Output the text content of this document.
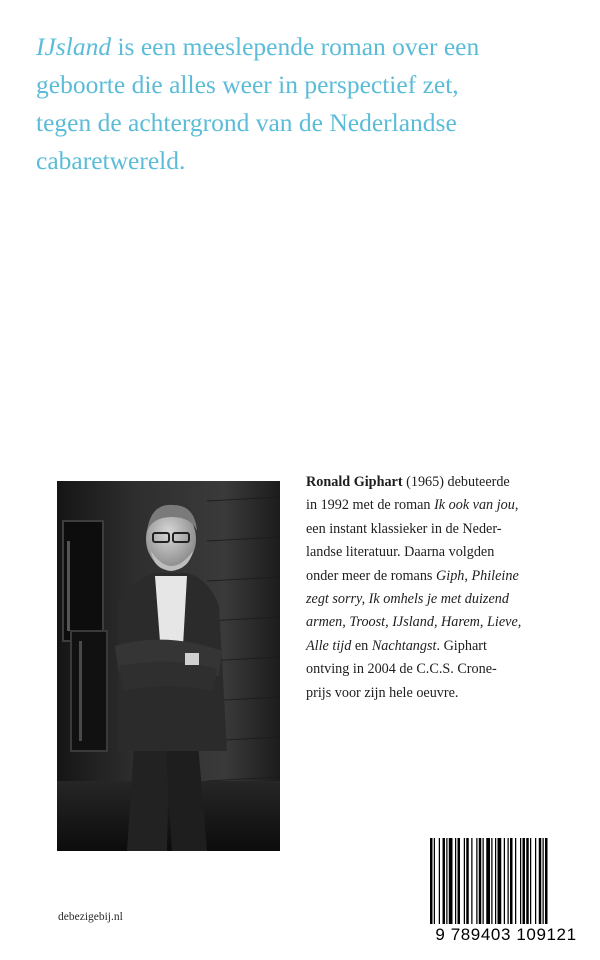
IJsland is een meeslepende roman over een
geboorte die alles weer in perspectief zet,
tegen de achtergrond van de Nederlandse
cabaretwereld.
Ronald Giphart (1965) debuteerde
in 1992 met de roman Ik ook van jou,
een instant klassieker in de Neder-
landse literatuur. Daarna volgden
onder meer de romans Giph, Phileine
zegt sorry, Ik omhels je met duizend
armen, Troost, IJsland, Harem, Lieve,
Alle tijd en Nachtangst. Giphart
ontving in 2004 de C.C.S. Crone-
prijs voor zijn hele oeuvre.
debezigebij.nl
9 789403 109121
